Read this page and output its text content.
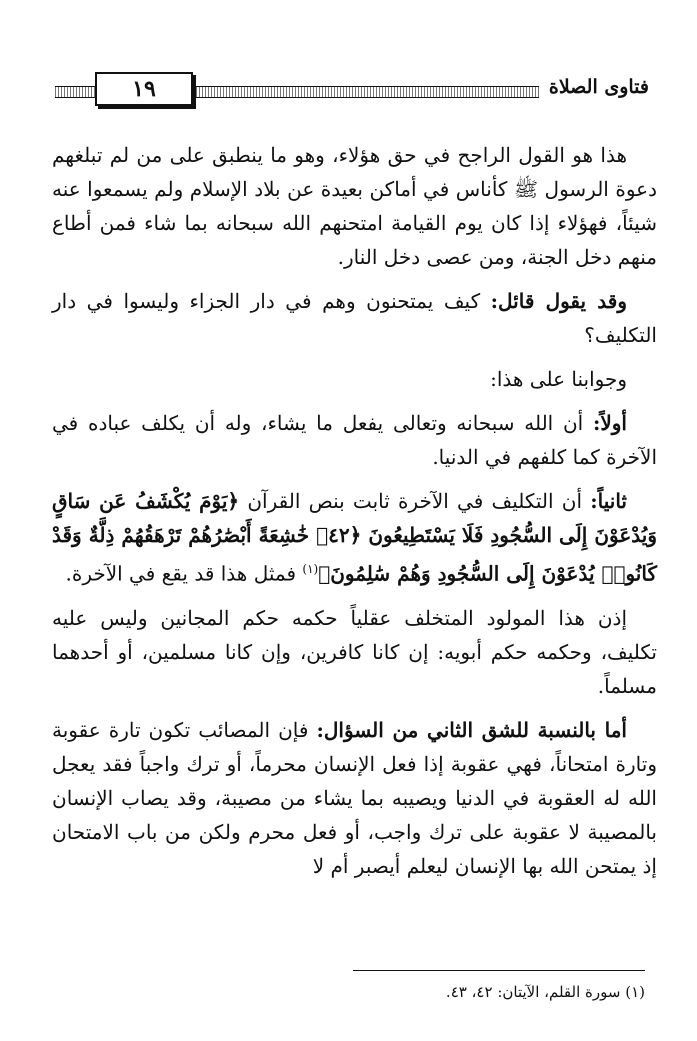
١٩	فتاوى الصلاة

هذا هو القول الراجح في حق هؤلاء، وهو ما ينطبق على من لم تبلغهم دعوة الرسول ﷺ كأناس في أماكن بعيدة عن بلاد الإسلام ولم يسمعوا عنه شيئاً، فهؤلاء إذا كان يوم القيامة امتحنهم الله سبحانه بما شاء فمن أطاع منهم دخل الجنة، ومن عصى دخل النار.

وقد يقول قائل: كيف يمتحنون وهم في دار الجزاء وليسوا في دار التكليف؟

وجوابنا على هذا:

أولاً: أن الله سبحانه وتعالى يفعل ما يشاء، وله أن يكلف عباده في الآخرة كما كلفهم في الدنيا.

ثانياً: أن التكليف في الآخرة ثابت بنص القرآن ﴿يَوْمَ يُكْشَفُ عَن سَاقٍ وَيُدْعَوْنَ إِلَى السُّجُودِ فَلَا يَسْتَطِيعُونَ ﴿٤٢﴾ خَٰشِعَةً أَبْصَٰرُهُمْ تَرْهَقُهُمْ ذِلَّةٌ وَقَدْ كَانُوا۟ يُدْعَوْنَ إِلَى السُّجُودِ وَهُمْ سَٰلِمُونَ﴾$^{(١)}$ فمثل هذا قد يقع في الآخرة.

إذن هذا المولود المتخلف عقلياً حكمه حكم المجانين وليس عليه تكليف، وحكمه حكم أبويه: إن كانا كافرين، وإن كانا مسلمين، أو أحدهما مسلماً.

أما بالنسبة للشق الثاني من السؤال: فإن المصائب تكون تارة عقوبة وتارة امتحاناً، فهي عقوبة إذا فعل الإنسان محرماً، أو ترك واجباً فقد يعجل الله له العقوبة في الدنيا ويصيبه بما يشاء من مصيبة، وقد يصاب الإنسان بالمصيبة لا عقوبة على ترك واجب، أو فعل محرم ولكن من باب الامتحان إذ يمتحن الله بها الإنسان ليعلم أيصبر أم لا

(١) سورة القلم، الآيتان: ٤٢، ٤٣.
